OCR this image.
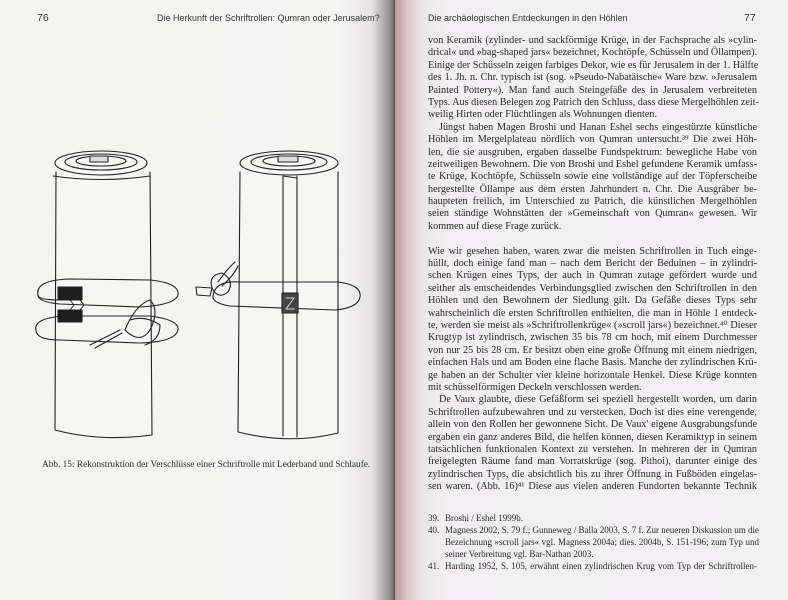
76	Die Herkunft der Schriftrollen: Qumran oder Jerusalem?
Abb. 15: Rekonstruktion der Verschlüsse einer Schriftrolle mit Lederband und Schlaufe.
Die archäologischen Entdeckungen in den Höhlen	77
von Keramik (zylinder- und sackförmige Krüge, in der Fachsprache als »cylin-
drical« und »bag-shaped jars« bezeichnet, Kochtöpfe, Schüsseln und Öllampen).
Einige der Schüsseln zeigen farbiges Dekor, wie es für Jerusalem in der 1. Hälfte
des 1. Jh. n. Chr. typisch ist (sog. »Pseudo-Nabatäische« Ware bzw. »Jerusalem
Painted Pottery«). Man fand auch Steingefäße des in Jerusalem verbreiteten
Typs. Aus diesen Belegen zog Patrich den Schluss, dass diese Mergelhöhlen zeit-
weilig Hirten oder Flüchtlingen als Wohnungen dienten.
Jüngst haben Magen Broshi und Hanan Eshel sechs eingestürzte künstliche
Höhlen im Mergelplateau nördlich von Qumran untersucht.³⁹ Die zwei Höh-
len, die sie ausgruben, ergaben dasselbe Fundspektrum: bewegliche Habe von
zeitweiligen Bewohnern. Die von Broshi und Eshel gefundene Keramik umfass-
te Krüge, Kochtöpfe, Schüsseln sowie eine vollständige auf der Töpferscheibe
hergestellte Öllampe aus dem ersten Jahrhundert n. Chr. Die Ausgräber be-
haupteten freilich, im Unterschied zu Patrich, die künstlichen Mergelhöhlen
seien ständige Wohnstätten der »Gemeinschaft von Qumran« gewesen. Wir
kommen auf diese Frage zurück.
Wie wir gesehen haben, waren zwar die meisten Schriftrollen in Tuch einge-
hüllt, doch einige fand man – nach dem Bericht der Beduinen – in zylindri-
schen Krügen eines Typs, der auch in Qumran zutage gefördert wurde und
seither als entscheidendes Verbindungsglied zwischen den Schriftrollen in den
Höhlen und den Bewohnern der Siedlung gilt. Da Gefäße dieses Typs sehr
wahrscheinlich die ersten Schriftrollen enthielten, die man in Höhle 1 entdeck-
te, werden sie meist als »Schriftrollenkrüge« (»scroll jars«) bezeichnet.⁴⁰ Dieser
Krugtyp ist zylindrisch, zwischen 35 bis 78 cm hoch, mit einem Durchmesser
von nur 25 bis 28 cm. Er besitzt oben eine große Öffnung mit einem niedrigen,
einfachen Hals und am Boden eine flache Basis. Manche der zylindrischen Krü-
ge haben an der Schulter vier kleine horizontale Henkel. Diese Krüge konnten
mit schüsselförmigen Deckeln verschlossen werden.
De Vaux glaubte, diese Gefäßform sei speziell hergestellt worden, um darin
Schriftrollen aufzubewahren und zu verstecken. Doch ist dies eine verengende,
allein von den Rollen her gewonnene Sicht. De Vaux' eigene Ausgrabungsfunde
ergaben ein ganz anderes Bild, die helfen können, diesen Keramiktyp in seinem
tatsächlichen funktionalen Kontext zu verstehen. In mehreren der in Qumran
freigelegten Räume fand man Vorratskrüge (sog. Pithoi), darunter einige des
zylindrischen Typs, die absichtlich bis zu ihrer Öffnung in Fußböden eingelas-
sen waren. (Abb. 16)⁴¹ Diese aus vielen anderen Fundorten bekannte Technik
39. Broshi / Eshel 1999b.
40. Magness 2002, S. 79 f.; Gunneweg / Balla 2003, S. 7 f. Zur neueren Diskussion um die
Bezeichnung »scroll jars« vgl. Magness 2004a; dies. 2004b, S. 151-196; zum Typ und
seiner Verbreitung vgl. Bar-Nathan 2003.
41. Harding 1952, S. 105, erwähnt einen zylindrischen Krug vom Typ der Schriftrollen-
